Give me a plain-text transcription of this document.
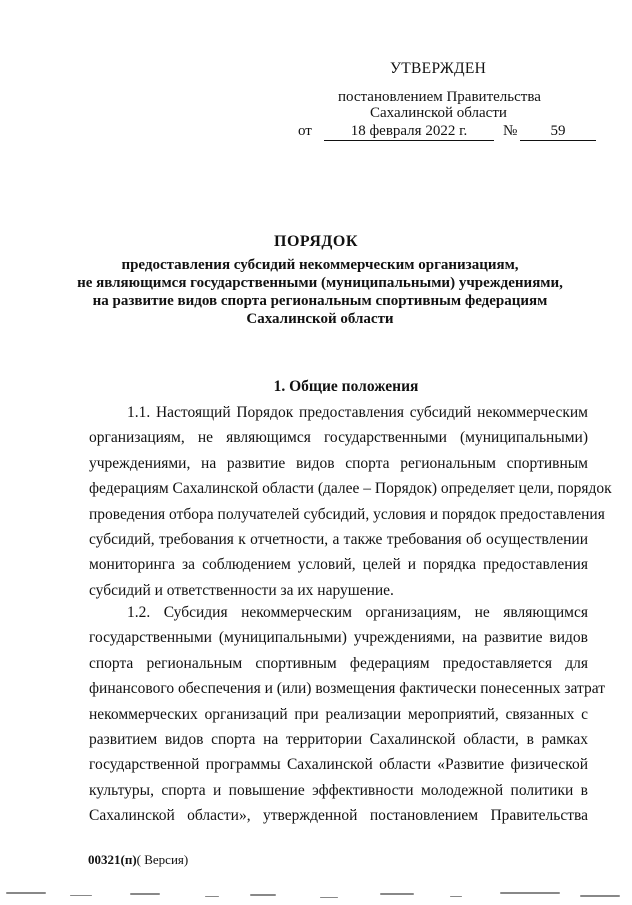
УТВЕРЖДЕН
постановлением Правительства
Сахалинской области
от	18 февраля 2022 г.	№	59
ПОРЯДОК
предоставления субсидий некоммерческим организациям,
не являющимся государственными (муниципальными) учреждениями,
на развитие видов спорта региональным спортивным федерациям
Сахалинской области
1. Общие положения
1.1. Настоящий Порядок предоставления субсидий некоммерческим
организациям, не являющимся государственными (муниципальными)
учреждениями, на развитие видов спорта региональным спортивным
федерациям Сахалинской области (далее – Порядок) определяет цели, порядок
проведения отбора получателей субсидий, условия и порядок предоставления
субсидий, требования к отчетности, а также требования об осуществлении
мониторинга за соблюдением условий, целей и порядка предоставления
субсидий и ответственности за их нарушение.
1.2. Субсидия некоммерческим организациям, не являющимся
государственными (муниципальными) учреждениями, на развитие видов
спорта региональным спортивным федерациям предоставляется для
финансового обеспечения и (или) возмещения фактически понесенных затрат
некоммерческих организаций при реализации мероприятий, связанных с
развитием видов спорта на территории Сахалинской области, в рамках
государственной программы Сахалинской области «Развитие физической
культуры, спорта и повышение эффективности молодежной политики в
Сахалинской области», утвержденной постановлением Правительства
00321(п)( Версия)
